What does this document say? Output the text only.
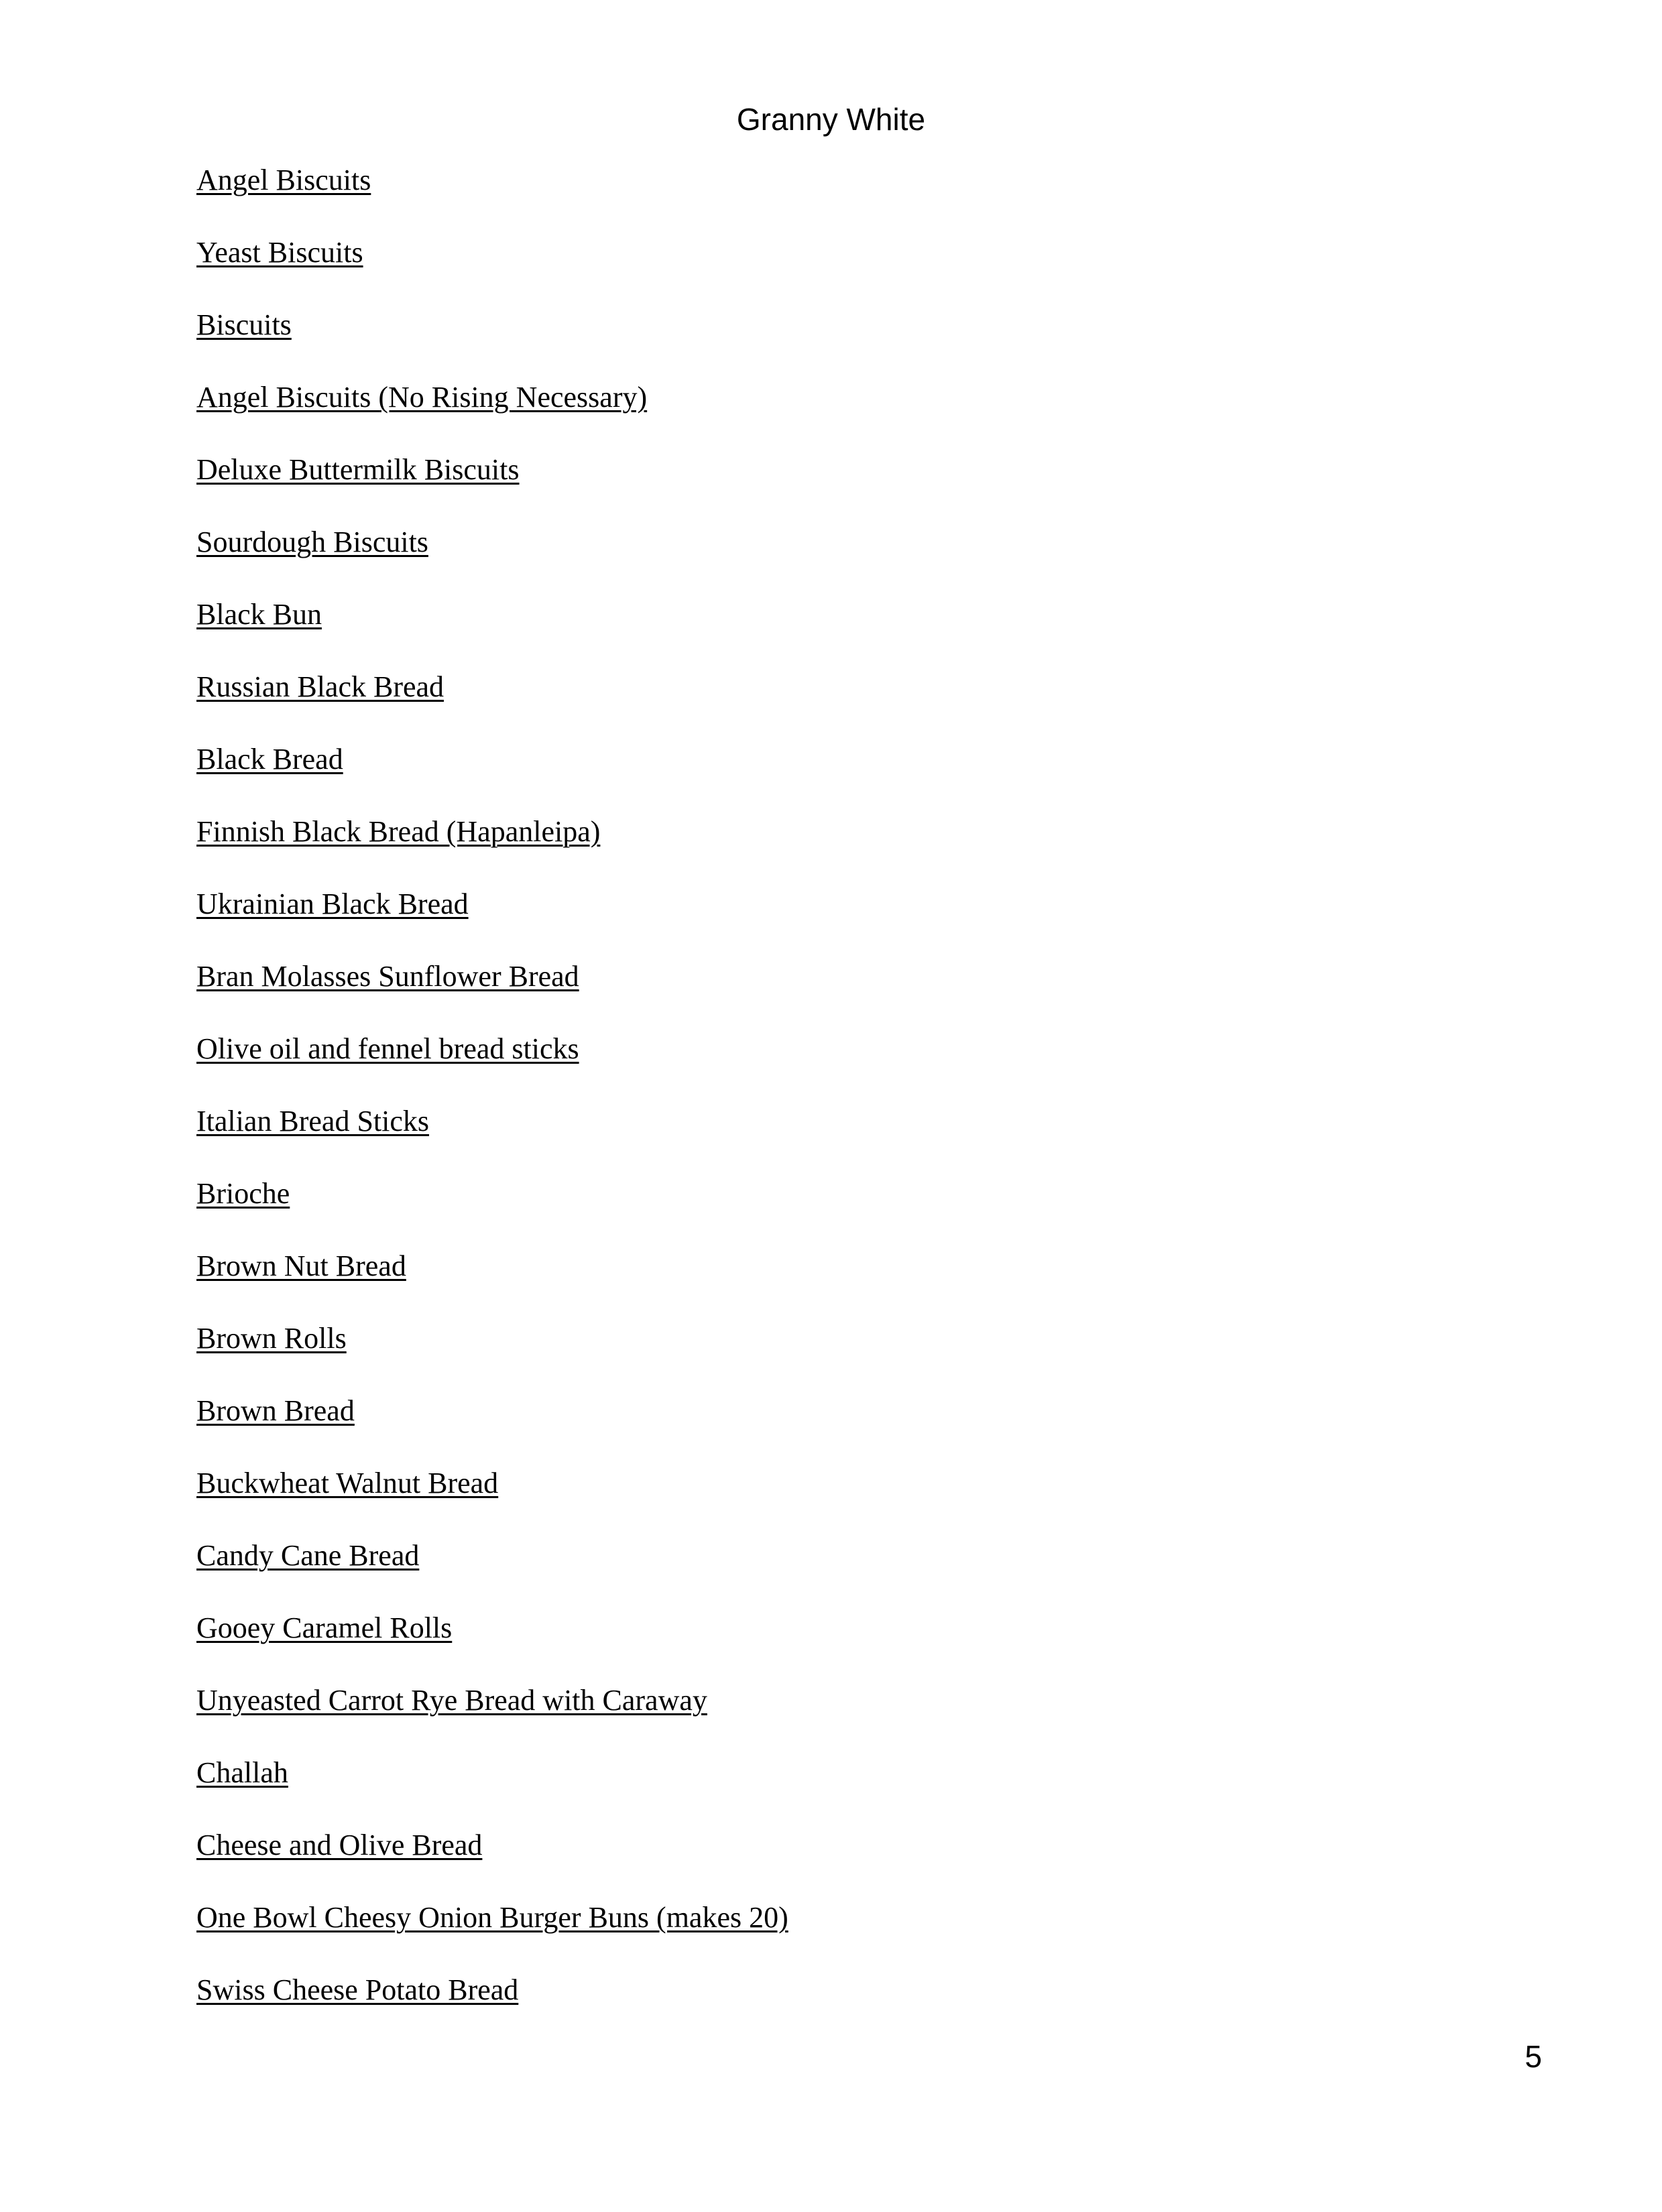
Granny White
Angel Biscuits
Yeast Biscuits
Biscuits
Angel Biscuits (No Rising Necessary)
Deluxe Buttermilk Biscuits
Sourdough Biscuits
Black Bun
Russian Black Bread
Black Bread
Finnish Black Bread (Hapanleipa)
Ukrainian Black Bread
Bran Molasses Sunflower Bread
Olive oil and fennel bread sticks
Italian Bread Sticks
Brioche
Brown Nut Bread
Brown Rolls
Brown Bread
Buckwheat Walnut Bread
Candy Cane Bread
Gooey Caramel Rolls
Unyeasted Carrot Rye Bread with Caraway
Challah
Cheese and Olive Bread
One Bowl Cheesy Onion Burger Buns (makes 20)
Swiss Cheese Potato Bread
5
